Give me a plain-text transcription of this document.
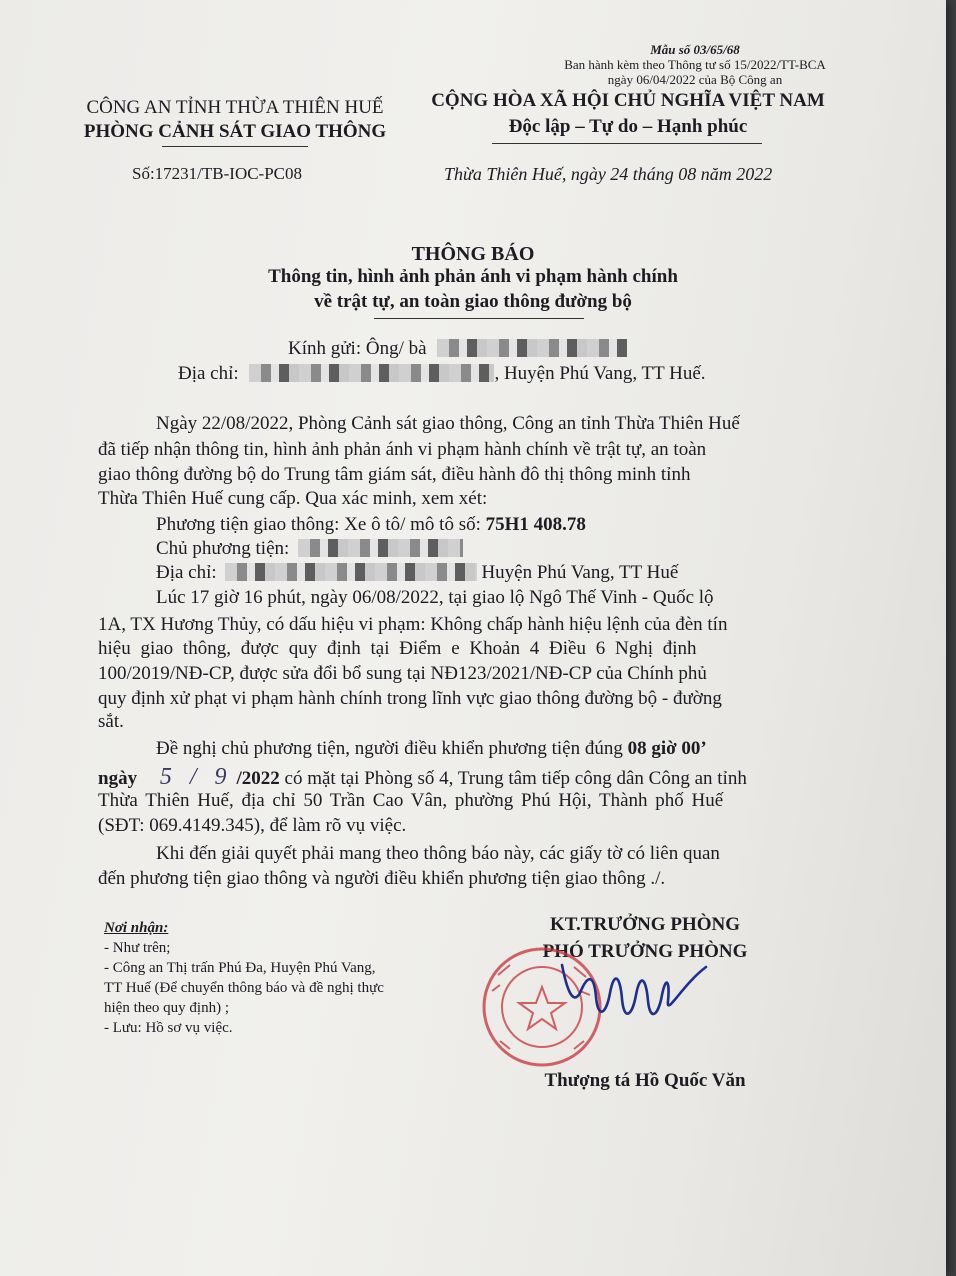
Mẫu số 03/65/68
Ban hành kèm theo Thông tư số 15/2022/TT-BCA
ngày 06/04/2022 của Bộ Công an
CÔNG AN TỈNH THỪA THIÊN HUẾ
PHÒNG CẢNH SÁT GIAO THÔNG
Số:17231/TB-IOC-PC08
CỘNG HÒA XÃ HỘI CHỦ NGHĨA VIỆT NAM
Độc lập – Tự do – Hạnh phúc
Thừa Thiên Huế, ngày 24 tháng 08 năm 2022
THÔNG BÁO
Thông tin, hình ảnh phản ánh vi phạm hành chính
về trật tự, an toàn giao thông đường bộ
Kính gửi: Ông/ bà
Địa chỉ:	, Huyện Phú Vang, TT Huế.
Ngày 22/08/2022, Phòng Cảnh sát giao thông, Công an tỉnh Thừa Thiên Huế
đã tiếp nhận thông tin, hình ảnh phản ánh vi phạm hành chính về trật tự, an toàn
giao thông đường bộ do Trung tâm giám sát, điều hành đô thị thông minh tỉnh
Thừa Thiên Huế cung cấp. Qua xác minh, xem xét:
Phương tiện giao thông: Xe ô tô/ mô tô số: 75H1 408.78
Chủ phương tiện:
Địa chỉ:	Huyện Phú Vang, TT Huế
Lúc 17 giờ 16 phút, ngày 06/08/2022, tại giao lộ Ngô Thế Vinh - Quốc lộ
1A, TX Hương Thủy, có dấu hiệu vi phạm: Không chấp hành hiệu lệnh của đèn tín
hiệu giao thông, được quy định tại Điểm e Khoản 4 Điều 6 Nghị định
100/2019/NĐ-CP, được sửa đổi bổ sung tại NĐ123/2021/NĐ-CP của Chính phủ
quy định xử phạt vi phạm hành chính trong lĩnh vực giao thông đường bộ - đường
sắt.
Đề nghị chủ phương tiện, người điều khiển phương tiện đúng 08 giờ 00’
ngày 5 / 9 /2022 có mặt tại Phòng số 4, Trung tâm tiếp công dân Công an tỉnh
Thừa Thiên Huế, địa chỉ 50 Trần Cao Vân, phường Phú Hội, Thành phố Huế
(SĐT: 069.4149.345), để làm rõ vụ việc.
Khi đến giải quyết phải mang theo thông báo này, các giấy tờ có liên quan
đến phương tiện giao thông và người điều khiển phương tiện giao thông ./.
Nơi nhận:
- Như trên;
- Công an Thị trấn Phú Đa, Huyện Phú Vang,
TT Huế (Để chuyển thông báo và đề nghị thực
hiện theo quy định) ;
- Lưu: Hồ sơ vụ việc.
KT.TRƯỞNG PHÒNG
PHÓ TRƯỞNG PHÒNG
Thượng tá Hồ Quốc Văn
